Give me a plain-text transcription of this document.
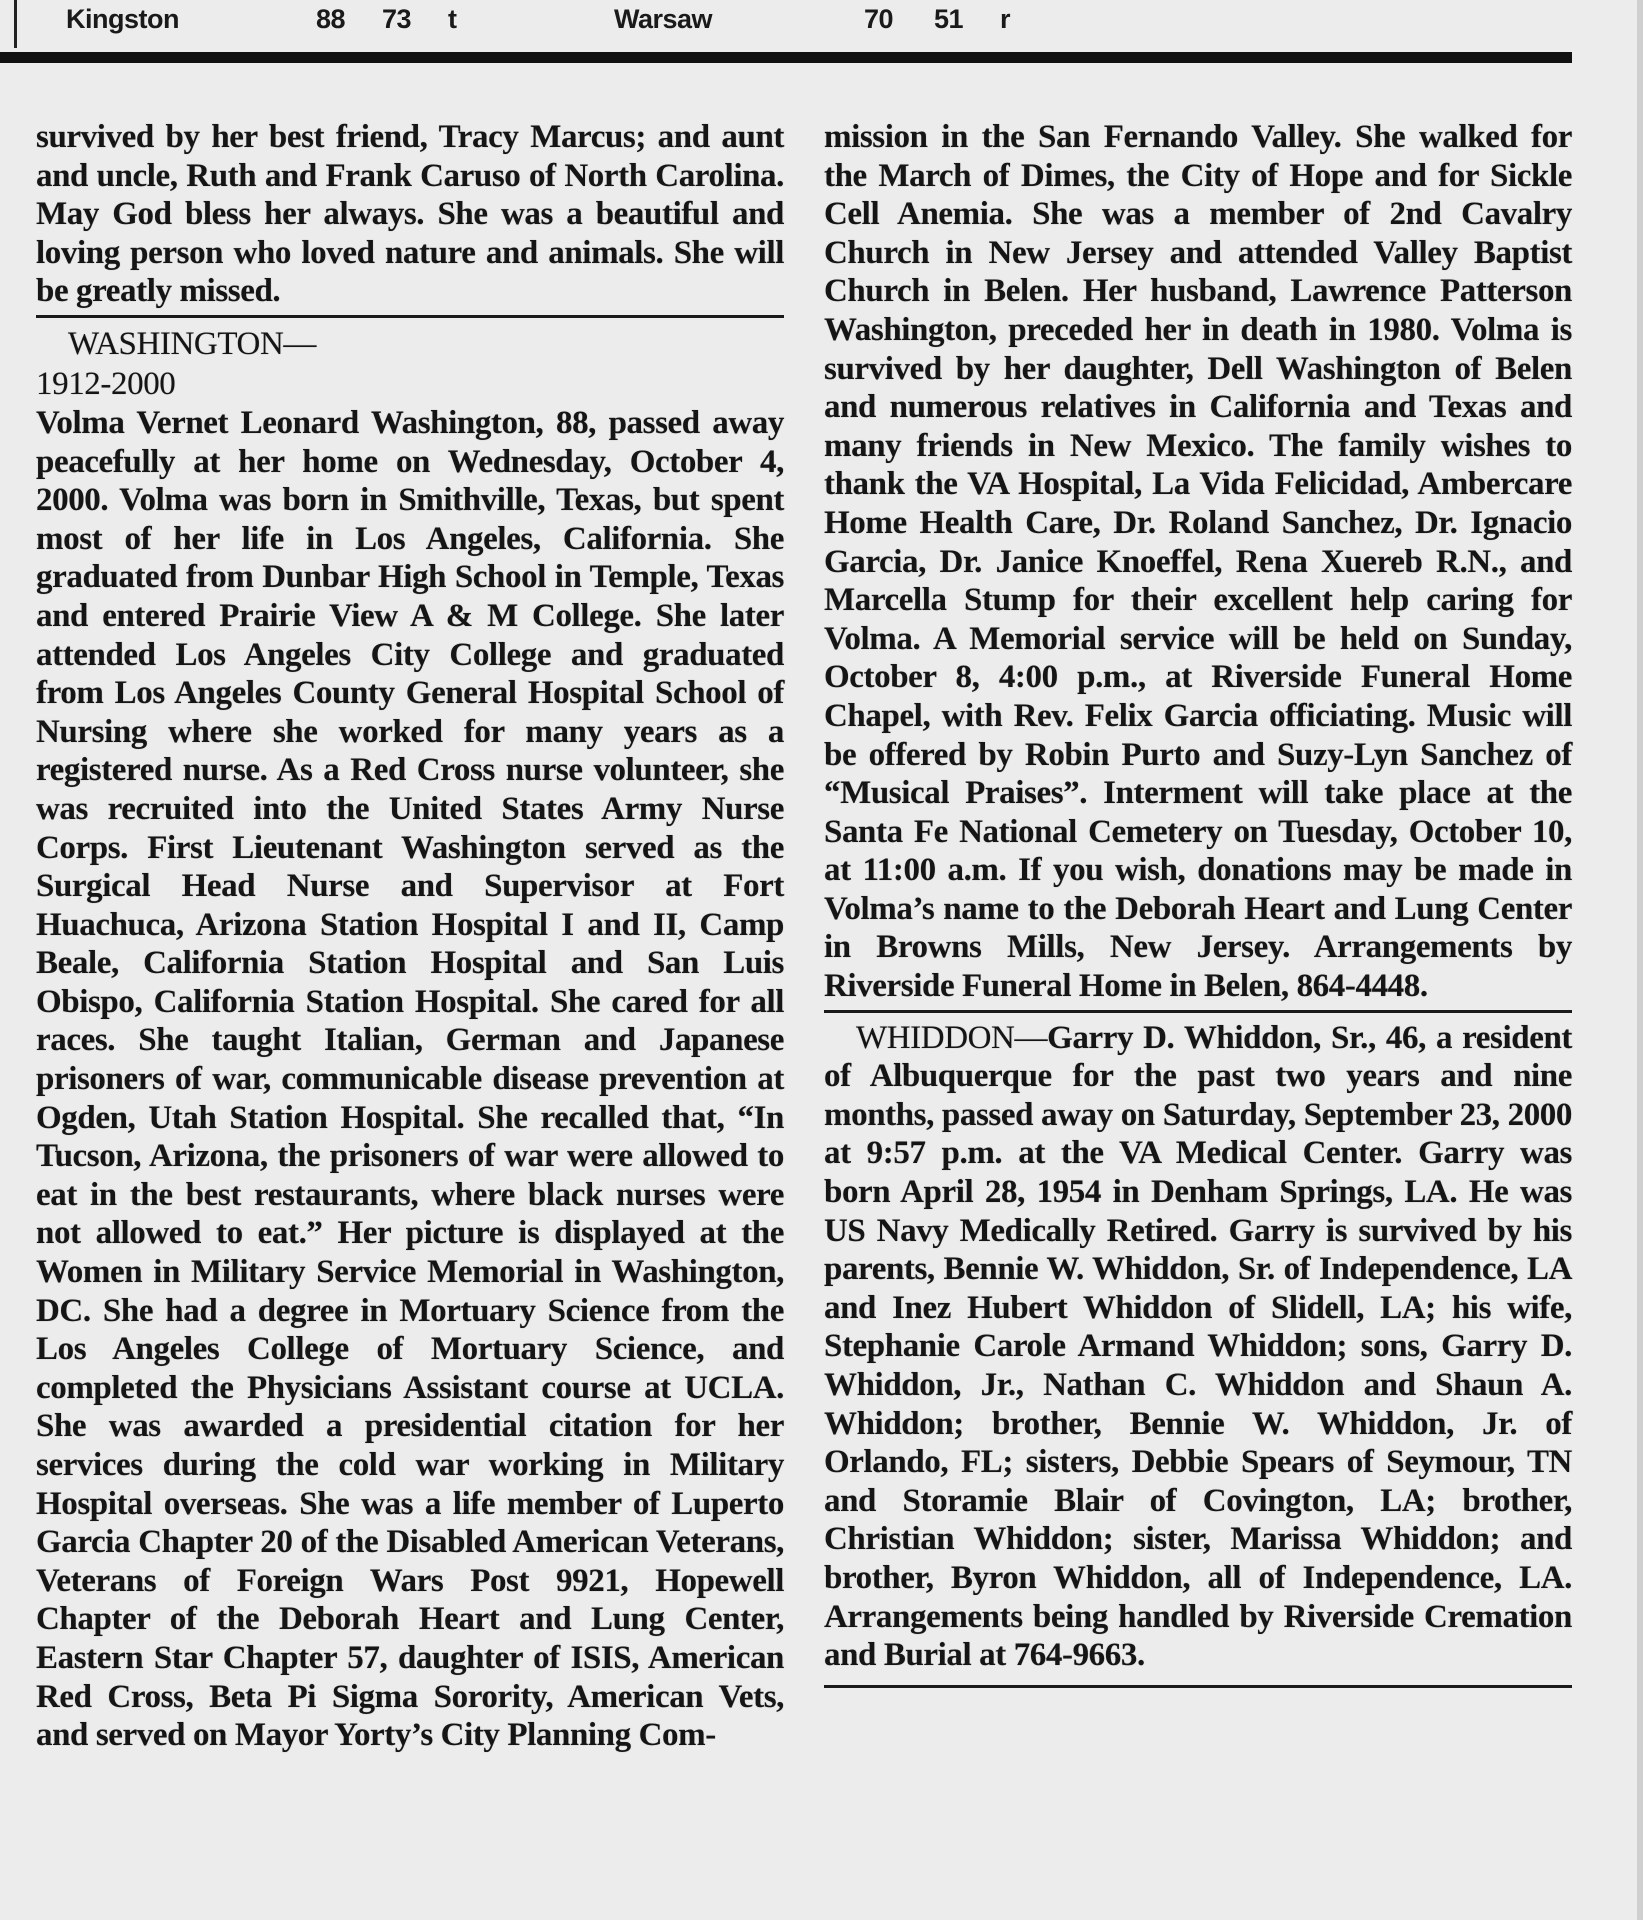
Kingston	88 73 t	Warsaw	70 51 r

survived by her best friend, Tracy Marcus; and aunt and uncle, Ruth and Frank Caruso of North Carolina. May God bless her always. She was a beautiful and loving person who loved nature and animals. She will be greatly missed.

WASHINGTON—
1912-2000

Volma Vernet Leonard Washington, 88, passed away peacefully at her home on Wednesday, October 4, 2000. Volma was born in Smithville, Texas, but spent most of her life in Los Angeles, California. She graduated from Dunbar High School in Temple, Texas and entered Prairie View A & M College. She later attended Los Angeles City College and graduated from Los Angeles County General Hospital School of Nursing where she worked for many years as a registered nurse. As a Red Cross nurse volunteer, she was recruited into the United States Army Nurse Corps. First Lieutenant Washington served as the Surgical Head Nurse and Supervisor at Fort Huachuca, Arizona Station Hospital I and II, Camp Beale, California Station Hospital and San Luis Obispo, California Station Hospital. She cared for all races. She taught Italian, German and Japanese prisoners of war, communicable disease prevention at Ogden, Utah Station Hospital. She recalled that, “In Tucson, Arizona, the prisoners of war were allowed to eat in the best restaurants, where black nurses were not allowed to eat.” Her picture is displayed at the Women in Military Service Memorial in Washington, DC. She had a degree in Mortuary Science from the Los Angeles College of Mortuary Science, and completed the Physicians Assistant course at UCLA. She was awarded a presidential citation for her services during the cold war working in Military Hospital overseas. She was a life member of Luperto Garcia Chapter 20 of the Disabled American Veterans, Veterans of Foreign Wars Post 9921, Hopewell Chapter of the Deborah Heart and Lung Center, Eastern Star Chapter 57, daughter of ISIS, American Red Cross, Beta Pi Sigma Sorority, American Vets, and served on Mayor Yorty’s City Planning Com-

mission in the San Fernando Valley. She walked for the March of Dimes, the City of Hope and for Sickle Cell Anemia. She was a member of 2nd Cavalry Church in New Jersey and attended Valley Baptist Church in Belen. Her husband, Lawrence Patterson Washington, preceded her in death in 1980. Volma is survived by her daughter, Dell Washington of Belen and numerous relatives in California and Texas and many friends in New Mexico. The family wishes to thank the VA Hospital, La Vida Felicidad, Ambercare Home Health Care, Dr. Roland Sanchez, Dr. Ignacio Garcia, Dr. Janice Knoeffel, Rena Xuereb R.N., and Marcella Stump for their excellent help caring for Volma. A Memorial service will be held on Sunday, October 8, 4:00 p.m., at Riverside Funeral Home Chapel, with Rev. Felix Garcia officiating. Music will be offered by Robin Purto and Suzy-Lyn Sanchez of “Musical Praises”. Interment will take place at the Santa Fe National Cemetery on Tuesday, October 10, at 11:00 a.m. If you wish, donations may be made in Volma’s name to the Deborah Heart and Lung Center in Browns Mills, New Jersey. Arrangements by Riverside Funeral Home in Belen, 864-4448.

WHIDDON—Garry D. Whiddon, Sr., 46, a resident of Albuquerque for the past two years and nine months, passed away on Saturday, September 23, 2000 at 9:57 p.m. at the VA Medical Center. Garry was born April 28, 1954 in Denham Springs, LA. He was US Navy Medically Retired. Garry is survived by his parents, Bennie W. Whiddon, Sr. of Independence, LA and Inez Hubert Whiddon of Slidell, LA; his wife, Stephanie Carole Armand Whiddon; sons, Garry D. Whiddon, Jr., Nathan C. Whiddon and Shaun A. Whiddon; brother, Bennie W. Whiddon, Jr. of Orlando, FL; sisters, Debbie Spears of Seymour, TN and Storamie Blair of Covington, LA; brother, Christian Whiddon; sister, Marissa Whiddon; and brother, Byron Whiddon, all of Independence, LA. Arrangements being handled by Riverside Cremation and Burial at 764-9663.
